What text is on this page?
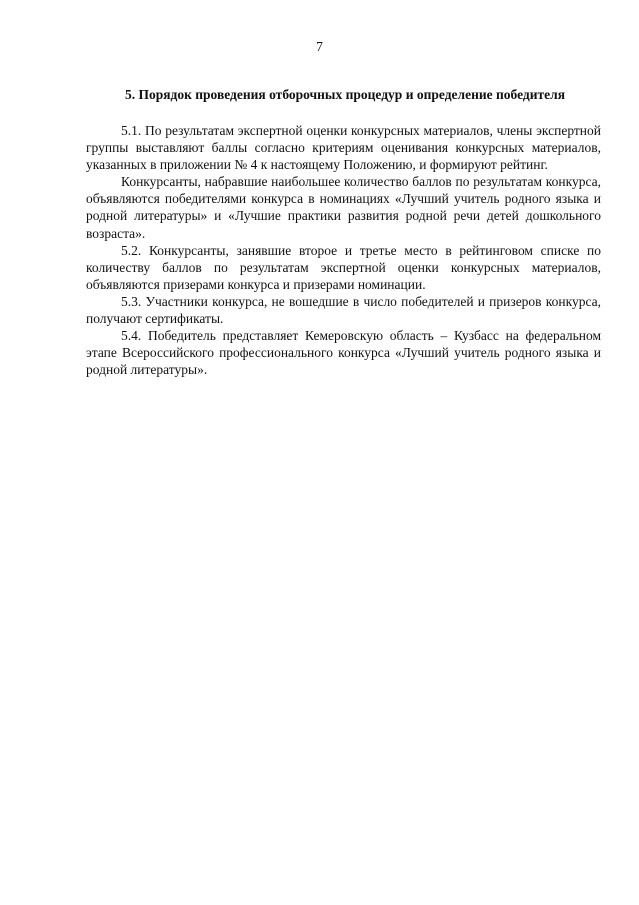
7
5. Порядок проведения отборочных процедур и определение победителя

5.1. По результатам экспертной оценки конкурсных материалов, члены экспертной группы выставляют баллы согласно критериям оценивания конкурсных материалов, указанных в приложении № 4 к настоящему Положению, и формируют рейтинг.

Конкурсанты, набравшие наибольшее количество баллов по результатам конкурса, объявляются победителями конкурса в номинациях «Лучший учитель родного языка и родной литературы» и «Лучшие практики развития родной речи детей дошкольного возраста».

5.2. Конкурсанты, занявшие второе и третье место в рейтинговом списке по количеству баллов по результатам экспертной оценки конкурсных материалов, объявляются призерами конкурса и призерами номинации.

5.3. Участники конкурса, не вошедшие в число победителей и призеров конкурса, получают сертификаты.

5.4. Победитель представляет Кемеровскую область – Кузбасс на федеральном этапе Всероссийского профессионального конкурса «Лучший учитель родного языка и родной литературы».
